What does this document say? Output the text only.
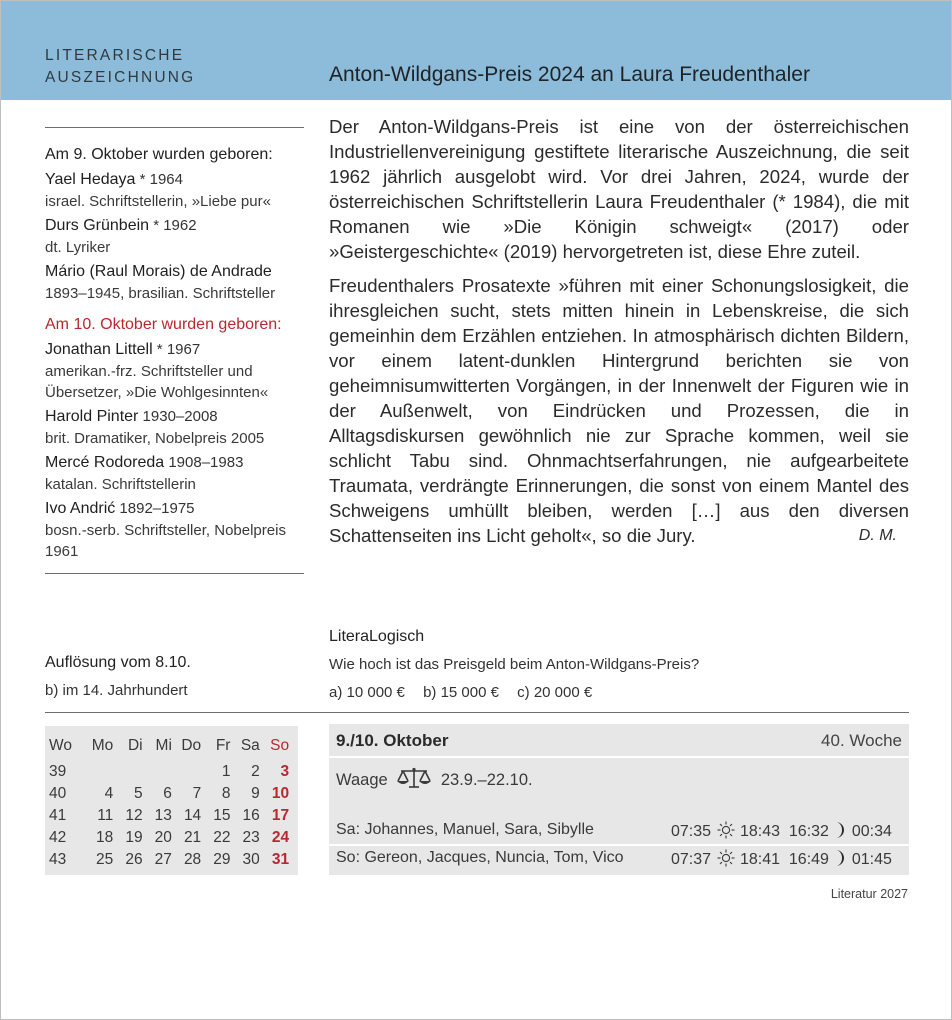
LITERARISCHE
AUSZEICHNUNG	Anton-Wildgans-Preis 2024 an Laura Freudenthaler
Am 9. Oktober wurden geboren:
Yael Hedaya * 1964
israel. Schriftstellerin, »Liebe pur«
Durs Grünbein * 1962
dt. Lyriker
Mário (Raul Morais) de Andrade
1893–1945, brasilian. Schriftsteller
Am 10. Oktober wurden geboren:
Jonathan Littell * 1967
amerikan.-frz. Schriftsteller und Übersetzer, »Die Wohlgesinnten«
Harold Pinter 1930–2008
brit. Dramatiker, Nobelpreis 2005
Mercé Rodoreda 1908–1983
katalan. Schriftstellerin
Ivo Andrić 1892–1975
bosn.-serb. Schriftsteller, Nobelpreis 1961

Der Anton-Wildgans-Preis ist eine von der österreichischen Industriellenvereinigung gestiftete literarische Auszeichnung, die seit 1962 jährlich ausgelobt wird. Vor drei Jahren, 2024, wurde der österreichischen Schriftstellerin Laura Freudenthaler (* 1984), die mit Romanen wie »Die Königin schweigt« (2017) oder »Geistergeschichte« (2019) hervorgetreten ist, diese Ehre zuteil.

Freudenthalers Prosatexte »führen mit einer Schonungslosigkeit, die ihresgleichen sucht, stets mitten hinein in Lebenskreise, die sich gemeinhin dem Erzählen entziehen. In atmosphärisch dichten Bildern, vor einem latent-dunklen Hintergrund berichten sie von geheimnisumwitterten Vorgängen, in der Innenwelt der Figuren wie in der Außenwelt, von Eindrücken und Prozessen, die in Alltagsdiskursen gewöhnlich nie zur Sprache kommen, weil sie schlicht Tabu sind. Ohnmachtserfahrungen, nie aufgearbeitete Traumata, verdrängte Erinnerungen, die sonst von einem Mantel des Schweigens umhüllt bleiben, werden […] aus den diversen Schattenseiten ins Licht geholt«, so die Jury.	D. M.

Auflösung vom 8.10.
b) im 14. Jahrhundert
LiteraLogisch
Wie hoch ist das Preisgeld beim Anton-Wildgans-Preis?
a) 10 000 € b) 15 000 € c) 20 000 €
Wo	Mo	Di	Mi	Do	Fr	Sa	So
39					1	2	3
40	4	5	6	7	8	9	10
41	11	12	13	14	15	16	17
42	18	19	20	21	22	23	24
43	25	26	27	28	29	30	31
9./10. Oktober	40. Woche
Waage	23.9.–22.10.
Sa: Johannes, Manuel, Sara, Sibylle	07:35 18:43 16:32 00:34
So: Gereon, Jacques, Nuncia, Tom, Vico	07:37 18:41 16:49 01:45
Literatur 2027
